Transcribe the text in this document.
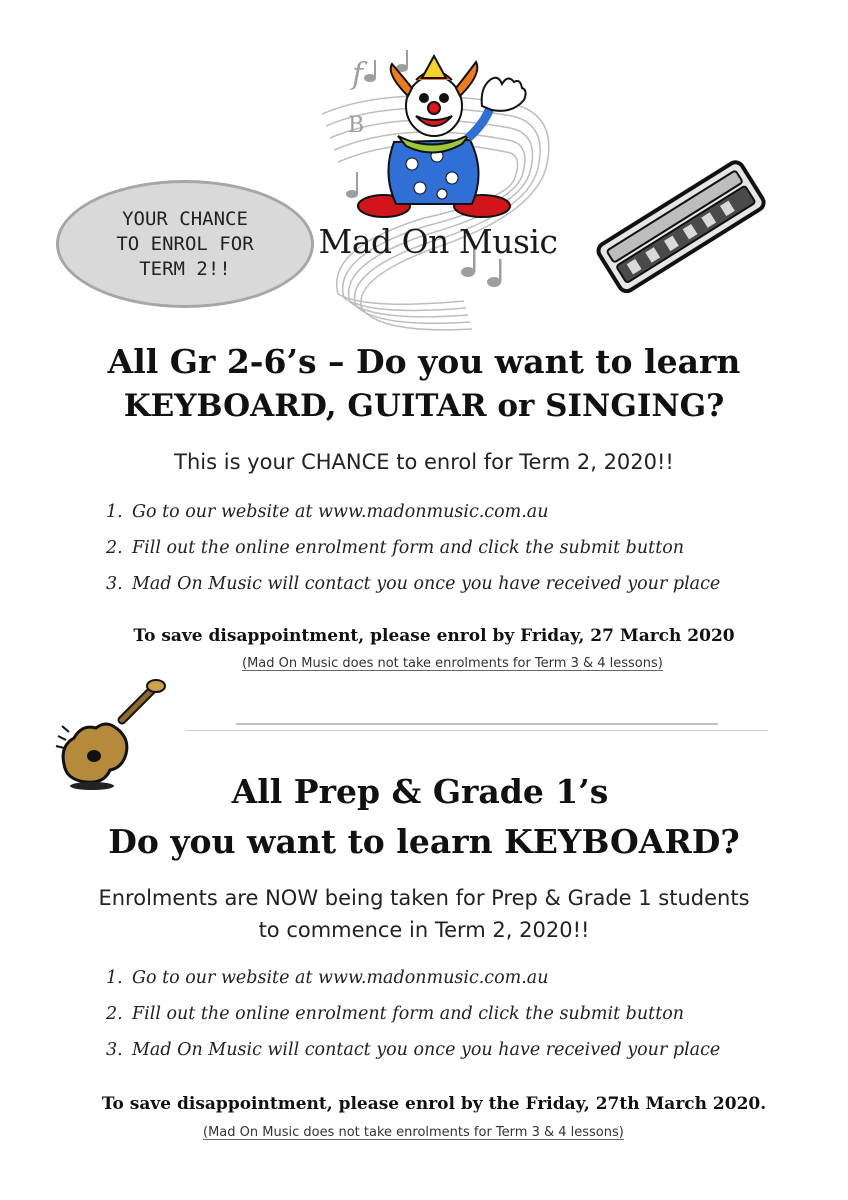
YOUR CHANCE
TO ENROL FOR
TERM 2!!
f
B
Mad On Music
All Gr 2-6’s – Do you want to learn
KEYBOARD, GUITAR or SINGING?
This is your CHANCE to enrol for Term 2, 2020!!
1. Go to our website at www.madonmusic.com.au
2. Fill out the online enrolment form and click the submit button
3. Mad On Music will contact you once you have received your place
To save disappointment, please enrol by Friday, 27 March 2020
(Mad On Music does not take enrolments for Term 3 & 4 lessons)
All Prep & Grade 1’s
Do you want to learn KEYBOARD?
Enrolments are NOW being taken for Prep & Grade 1 students
to commence in Term 2, 2020!!
1. Go to our website at www.madonmusic.com.au
2. Fill out the online enrolment form and click the submit button
3. Mad On Music will contact you once you have received your place
To save disappointment, please enrol by the Friday, 27th March 2020.
(Mad On Music does not take enrolments for Term 3 & 4 lessons)
